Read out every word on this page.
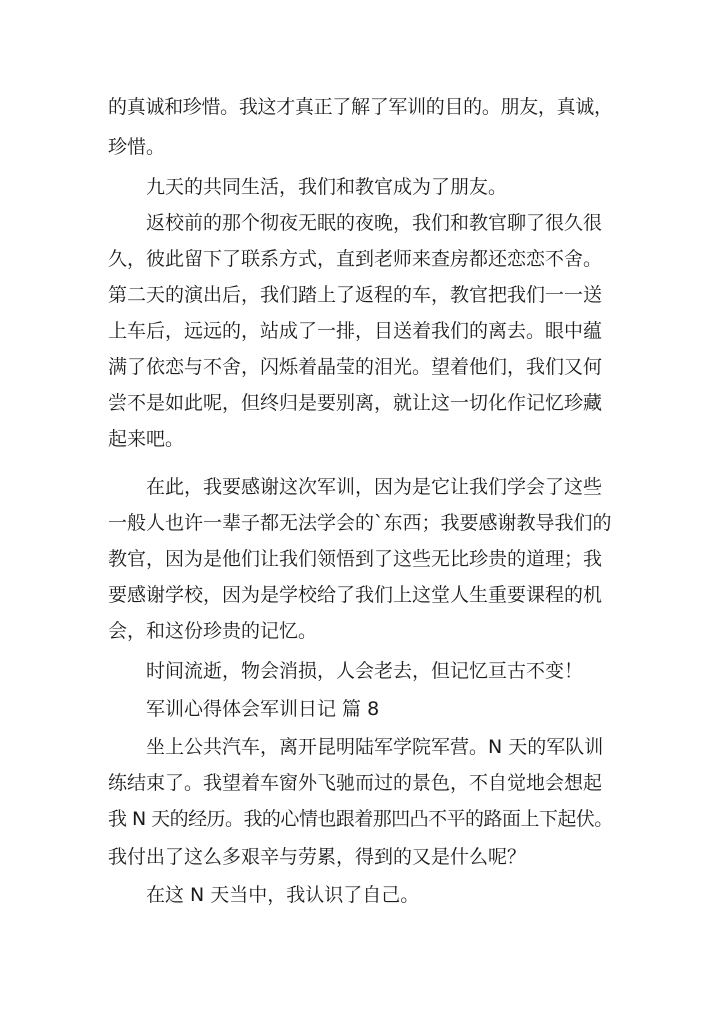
的真诚和珍惜。我这才真正了解了军训的目的。朋友，真诚，

珍惜。

九天的共同生活，我们和教官成为了朋友。

返校前的那个彻夜无眠的夜晚，我们和教官聊了很久很

久，彼此留下了联系方式，直到老师来查房都还恋恋不舍。

第二天的演出后，我们踏上了返程的车，教官把我们一一送

上车后，远远的，站成了一排，目送着我们的离去。眼中蕴

满了依恋与不舍，闪烁着晶莹的泪光。望着他们，我们又何

尝不是如此呢，但终归是要别离，就让这一切化作记忆珍藏

起来吧。

在此，我要感谢这次军训，因为是它让我们学会了这些

一般人也许一辈子都无法学会的`东西；我要感谢教导我们的

教官，因为是他们让我们领悟到了这些无比珍贵的道理；我

要感谢学校，因为是学校给了我们上这堂人生重要课程的机

会，和这份珍贵的记忆。

时间流逝，物会消损，人会老去，但记忆亘古不变！

军训心得体会军训日记 篇 8

坐上公共汽车，离开昆明陆军学院军营。N 天的军队训

练结束了。我望着车窗外飞驰而过的景色，不自觉地会想起

我 N 天的经历。我的心情也跟着那凹凸不平的路面上下起伏。

我付出了这么多艰辛与劳累，得到的又是什么呢？

在这 N 天当中，我认识了自己。
